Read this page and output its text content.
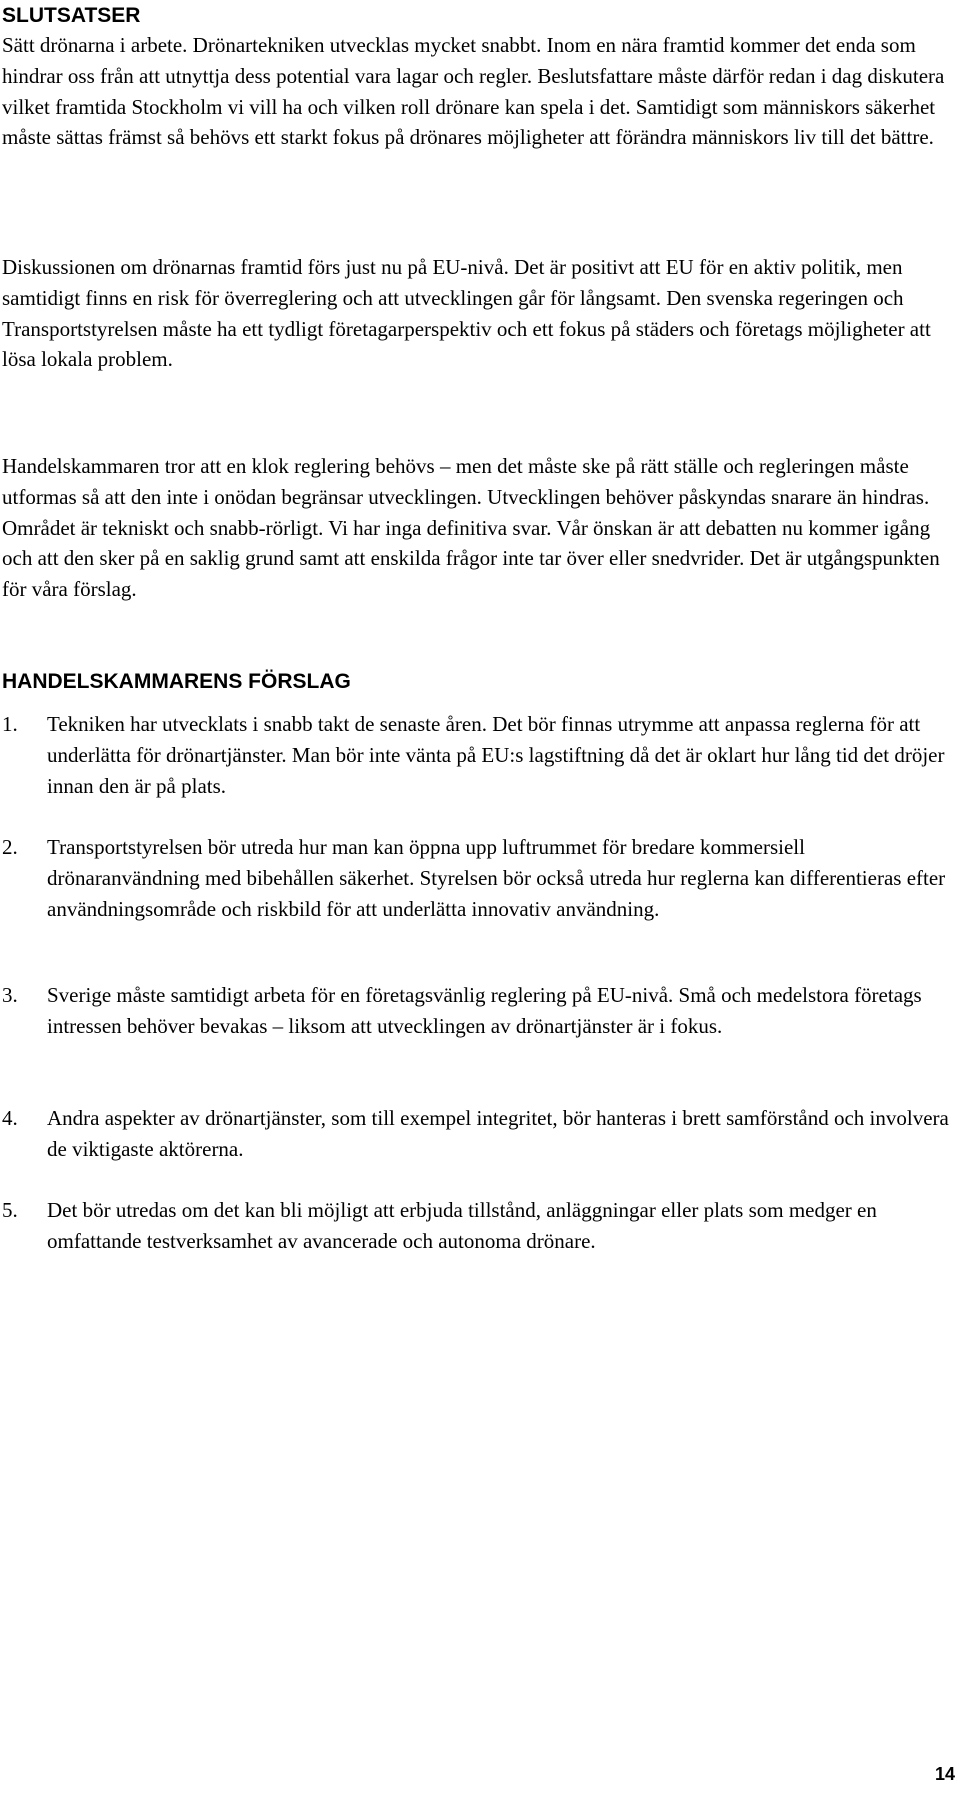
SLUTSATSER

Sätt drönarna i arbete. Drönartekniken utvecklas mycket snabbt. Inom en nära framtid kommer det enda som hindrar oss från att utnyttja dess potential vara lagar och regler. Beslutsfattare måste därför redan i dag diskutera vilket framtida Stockholm vi vill ha och vilken roll drönare kan spela i det. Samtidigt som människors säkerhet måste sättas främst så behövs ett starkt fokus på drönares möjligheter att förändra människors liv till det bättre.

Diskussionen om drönarnas framtid förs just nu på EU-nivå. Det är positivt att EU för en aktiv politik, men samtidigt finns en risk för överreglering och att utvecklingen går för långsamt. Den svenska regeringen och Transportstyrelsen måste ha ett tydligt företagarperspektiv och ett fokus på städers och företags möjligheter att lösa lokala problem.

Handelskammaren tror att en klok reglering behövs – men det måste ske på rätt ställe och regleringen måste utformas så att den inte i onödan begränsar utvecklingen. Utvecklingen behöver påskyndas snarare än hindras. Området är tekniskt och snabb-rörligt. Vi har inga definitiva svar. Vår önskan är att debatten nu kommer igång och att den sker på en saklig grund samt att enskilda frågor inte tar över eller snedvrider. Det är utgångspunkten för våra förslag.

HANDELSKAMMARENS FÖRSLAG
1. Tekniken har utvecklats i snabb takt de senaste åren. Det bör finnas utrymme att anpassa reglerna för att underlätta för drönartjänster. Man bör inte vänta på EU:s lagstiftning då det är oklart hur lång tid det dröjer innan den är på plats.
2. Transportstyrelsen bör utreda hur man kan öppna upp luftrummet för bredare kommersiell drönaranvändning med bibehållen säkerhet. Styrelsen bör också utreda hur reglerna kan differentieras efter användningsområde och riskbild för att underlätta innovativ användning.
3. Sverige måste samtidigt arbeta för en företagsvänlig reglering på EU-nivå. Små och medelstora företags intressen behöver bevakas – liksom att utvecklingen av drönartjänster är i fokus.
4. Andra aspekter av drönartjänster, som till exempel integritet, bör hanteras i brett samförstånd och involvera de viktigaste aktörerna.
5. Det bör utredas om det kan bli möjligt att erbjuda tillstånd, anläggningar eller plats som medger en omfattande testverksamhet av avancerade och autonoma drönare.

14
